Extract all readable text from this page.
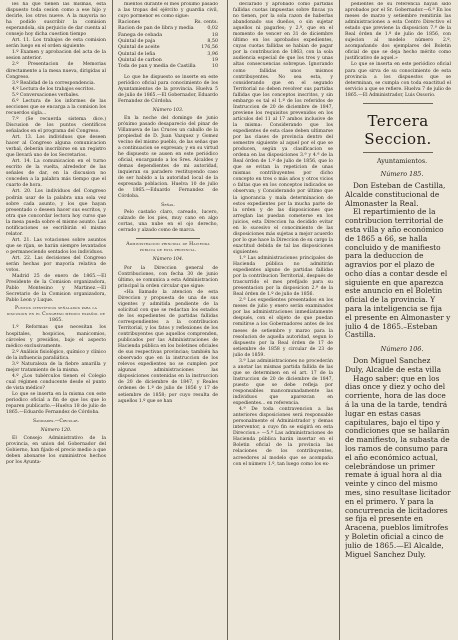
les ha que tienen las mismas, está dispuesto toda cesion como a ese hijo y decirle, los otros nueve. A la mayoria no ha podido suscribir la comision esperandola, sin perjuicio de dar cuenta al consejo hoy dicha cuestion tiempo

Art. 11. Los trabajos de esta comision serán luego en el orden siguiente:

1.º Examen y aprobacion del acta de la sesion anterior.

2.º Presentacion de Memorias directamente a la mesa nueva, dirigidas al Congreso.

3.º Realidad de la correspondencia.

4.º Lectura de los trabajos escritos.

5.º Conversaciones verbales.

6.º Lectura de los informes de las secciones que se encarga a la comision los recuerdos sigla...

7.º (Se recuerda sistema dice.) Discusion de los puntos científicos señalados en el programa del Congreso.

Art. 13. Los individuos que deseen hacer al Congreso alguna comunicacion verbal, deberán inscribirse en un registro que llevará uno de los Secretarios.

Art. 14. La comunicacion en el turno escrito de la vuelta, alrededor de las señales de dar, en la discusion no conceden a la palabra más tiempo que el cuarto de hora.

Art. 20. Los individuos del Congreso podrán usar de la palabra una sola vez sobre cada asunto, y los que hayan presentado o deseen hacer sus escritos, y otra que concordar lectora hoy curso que la mesa pueda sobre el mismo asunto. Las notificaciones se escribirán el mismo relator.

Art. 21. Las votaciones sobre asuntos que se rijan, se harán siempre levantados o permaneciendo sentados los individuos.

Art. 22. Las decisiones del Congreso serán hechas por mayoría relativa de votos.

Madrid 25 de enero de 1865.—El Presidente de la Comision organizadora, Pablo Montesino y Martinez.—El Secretario de la Comision organizadora, Pablo Leon y Luque.

Puntos científicos señalados para la discusion en el Congreso médico español de 1865.

1.º Reformas que necesitan los hospitales, hospicios, manicomios, cárceles y presidios, bajo el aspecto médico exclusivamente.

2.º Análisis fisiológico, químico y clínico de la influencia paraliática.

3.º Naturaleza de la fiebre amarilla y mejor tratamiento de la misma.

4.º ¿Los tubérculos tienen el Colegio cual régimen conducente desde el punto de vista médico?

Lo que se inserta en la misma con este periodico oficial a fin de que los que lo reparen publicarlo.—Huelva 18 de julio de 1865.—Eduardo Fernandez de Córdoba.

Sanidades.—Circular.

Número 120.

El Consejo Administrativo de la provincia, en union del Gobernador del Gobierno, han fijado el precio medio a que deben abonarse los suministros hechos por los Ayunta-

mientos durante el mes próximo pasado a las tropas del ejército y guardia civil, cuyo pormenor es como sigue:

Raciones	Rs. cents.
Racion de pan de libra y media	0,02
Fanega de cebada	18
Quintal de paja	8,50
Quintal de aceite	176,56
Quintal de leña	3,96
Quintal de carbon	19
Toda de pan y media de Castilla	10

Lo que he dispuesto se inserte en este periódico oficial para conocimiento de los Ayuntamientos de la provincia. Huelva 5 de julio de 1865.—El Gobernador, Eduardo Fernandez de Córdoba.

Número 103.

En la noche del domingo de junio próximo pasado desaparecio del pinar de Villanueva de las Cruces un caballo de la propiedad de D. Juan Vazquez y Gomez vecino del mismo pueblo, de las señas que a continuacion se expresan; y en su virtud he dispuesto se ausen en este periódico oficial, encargando a los Sres. Alcaldes y demas dependientes de mi autoridad, inquieran su paradero restituyendo caso de ser habido a la autoridad local de la espresada poblacion. Huelva 10 de julio de 1865.—Eduardo Fernandez de Córdoba.

Señas.

Pelo castaño claro, careado, lucero, calzado de los pies, muy cano en algo cortas, una nube en el ojo derecho, cerrado y alzado como de marca.

Administracion principal de Hacienda pública de esta provincia.

Número 104.

Por la Direccion general de Contribuciones, con fecha 30 de junio último, se comunica a esta Administracion principal la orden circular que sigue:

«Ha llamado la atencion de esta Direccion y propuesta de una de sus vigentes y admitida pendiente de la solicitud con que se redactan los estados de los expedientes de partidas fallidas correspondientes a la contribucion Territorial, y los fatos y reflexiones de los contribuyentes que aquellos comprenden, publicados por las Administraciones de Hacienda pública en los boletines oficiales de sus respectivas provincias; también ha observado que en la instruccion de los relevos expedientes no se cumplen por algunas administraciones las disposiciones contenidas en la instruccion de 20 de diciembre de 1847, y Reales órdenes de 1.º de julio de 1856 y 17 de setiembre de 1858; por cuyo resulta de aquellos 1.º que se han

declarado y aprobado como partidas fallidas cuotas impuestas sobre fincas ya no tienen, por la sola razon de haberlas abandonado sus dueños, o sin sujetar aquellos ni pagarles; y 2.º, que en el momento de vencer en 31 de diciembre último en los aprobados expedientes, cuyas cuotas fallidas se habian de pagar por la contribucion de 1863, con la sola audiencia especial de que los tres y unas altas consecuencias sobrepue. Ignorando como fallidas unos mismos contribuyentes. No sea esta, y considerando que en el segundo Territorial no deben revolver sus partidas fallidas que los conceptos inscritos, y sin embargo es tal el 1.º de los referidos de Instruccion de 20 de diciembre de 1847, previene los requisitos prevenidos en los artículos del 11 al 17 ambos inclusive de la misma: Considerando que los expedientes de esta clase deben ultimarse por las clases de provincia dentro del semestre siguiente al aquel por el que se producen, según ya clasificacion se ordena en las disposiciones 3.ª y 4.ª de la Real órden de 1.º de julio de 1856, que lo que se evitan la repeticion de unas mismas contribuyentes por dicho concepto en tres o más años y otros vicios o faltas que en los conceptos indicados se observan; y Considerando por último que la ignorancia y mala determinacion de estos expedientes por la mucha parte de la orden y de las disposiciones que arreglan las puedan cometerse en los juicios, esta Direccion ha decidido evitar en lo sucesivo el conocimiento de las disposiciones más sujetas a mejor acuerdo por lo que hace la Direccion de su cargo la exactitud debida de tal las disposiciones siguientes:

1.ª Las administraciones principales de Hacienda pública no admitirán expedientes alguno de partidas fallidas por la contribucion Territorial, después de trascurrido el mes prefijado para su presentacion por la disposicion 2.ª de la Real órden de 1.º de julio de 1856.

2.ª Los expedientes presentados en los meses de julio y enero serán examinados por las administraciones inmediatamente después, con el objeto de que puedan remitirse a los Gobernadores antes de los meses de setiembre y marzo para la resolucion de aquella autoridad, segun lo dispuesto por la Real órden de 17 de setiembre de 1858 y circular de 23 de julio de 1859.

3.ª Las administraciones no procederán a anotar las mismas partida fallida de las que se determinen en el art. 17 de la Instruccion de 20 de diciembre de 1847, puesto que se debe refleja por responsables mancomunadamente las individuos que aparezcan en expedientes... en referencia.

4.ª De toda contravencion a las anteriores disposiciones será responsable personalmente el Administrador y demas interventor, a cuyo fin se exigirá en esta Direccion.» —5.ª Las administraciones de Hacienda pública harán insertar en el Boletin oficial de la provincia las relaciones de los contribuyentes, acreedores al modelo que se acompaña con el número 1.º, tan luego como los ex-

pedientes de su referencia hayan sido aprobados por el Sr. Gobernador.—6.ª En los meses de marzo y setiembre remitirán las administraciones a esta Centro Directivo el estado que previene la disposicion 7.ª de la Real órden de 1.º de julio de 1856, con sujecion al modelo número 2.º, acompañando dos ejemplares del Boletin oficial de que se deja hecho mérito como justificativo de aquel.»

Lo que se inserta en este periódico oficial para que sirva de su conocimiento de esta provincia a los dispuestos que se determinan, se cumpla con toda exactitud el servicio a que se refiere. Huelva 7 de julio de 1865.—El Administrador, Luis Ossorio.

Tercera Seccion.

Ayuntamientos.

Número 185.

Don Esteban de Castilla, Alcalde constitucional de Almonaster la Real.

El repartimiento de la contribucion territorial de esta villa y año económico de 1865 a 66, se halla concluido y de manifiesto para la deduccion de agravios por el plazo de ocho días a contar desde el siguiente en que aparezca este anuncio en el Boletin oficial de la provincia. Y para la inteligencia se fija el presente en Almonaster y julio 4 de 1865.–Esteban Castilla.

Número 106.

Don Miguel Sanchez Duly, Alcalde de esta villa

Hago saber: que en los dias once y diez y ocho del corriente, hora de las doce á la una de la tarde, tendrá lugar en estas casas capitulares, bajo el tipo y condiciones que se hallarán de manifiesto, la subasta de los ramos de consumo para el año económico actual, celebrándose un primer remate á igual hora al dia veinte y cinco del mismo mes, sino resultase licitador en el primero. Y para la concurrencia de licitadores se fija el presente en Aracena, pueblos limítrofes y Boletin oficial a cinco de julio de 1865.—El Alcalde, Miguel Sanchez Duly.
